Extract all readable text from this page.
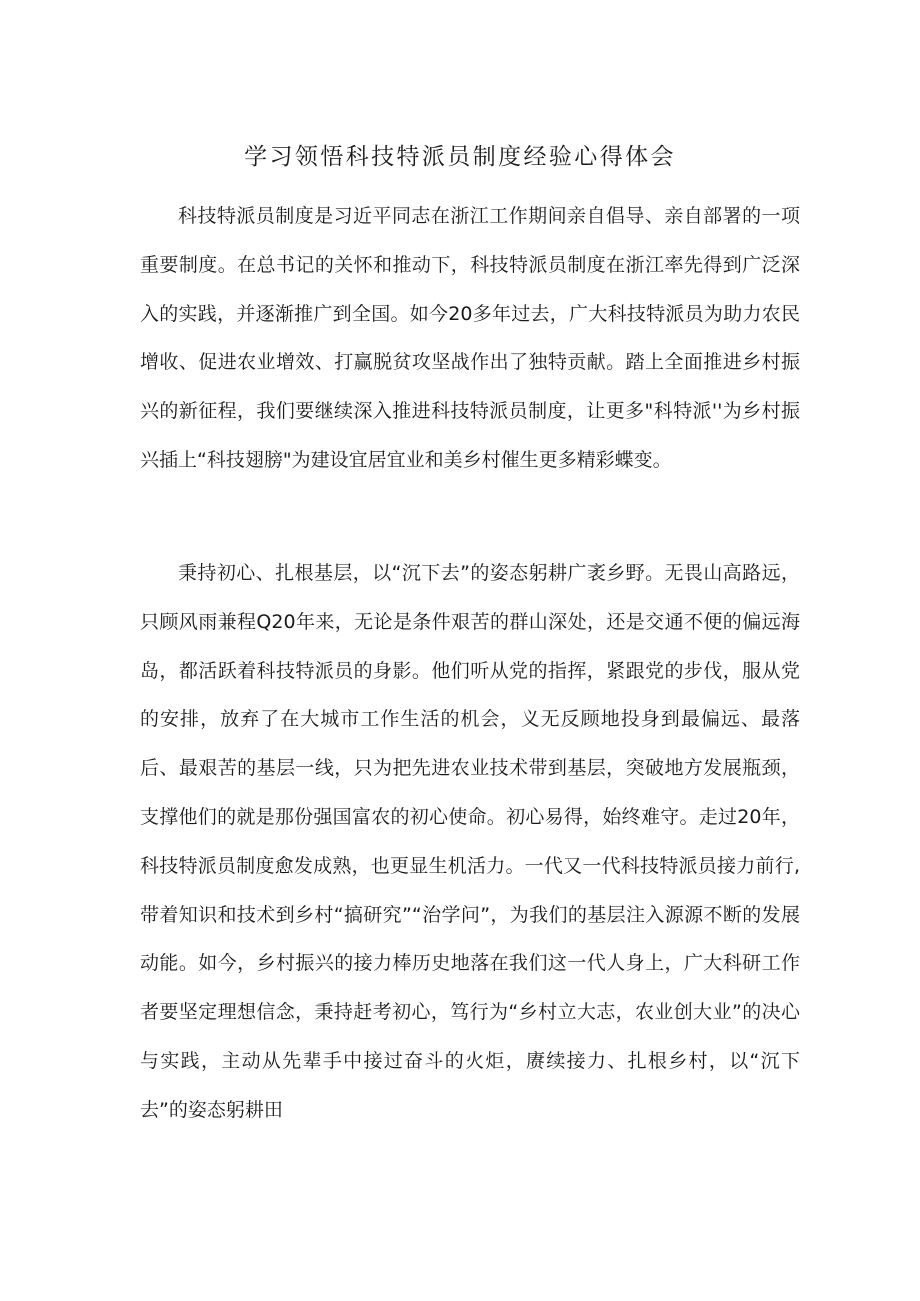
学习领悟科技特派员制度经验心得体会

科技特派员制度是习近平同志在浙江工作期间亲自倡导、亲自部署的一项重要制度。在总书记的关怀和推动下，科技特派员制度在浙江率先得到广泛深入的实践，并逐渐推广到全国。如今20多年过去，广大科技特派员为助力农民增收、促进农业增效、打赢脱贫攻坚战作出了独特贡献。踏上全面推进乡村振兴的新征程，我们要继续深入推进科技特派员制度，让更多"科特派''为乡村振兴插上“科技翅膀"为建设宜居宜业和美乡村催生更多精彩蝶变。

秉持初心、扎根基层，以“沉下去”的姿态躬耕广袤乡野。无畏山高路远，只顾风雨兼程Q20年来，无论是条件艰苦的群山深处，还是交通不便的偏远海岛，都活跃着科技特派员的身影。他们听从党的指挥，紧跟党的步伐，服从党的安排，放弃了在大城市工作生活的机会，义无反顾地投身到最偏远、最落后、最艰苦的基层一线，只为把先进农业技术带到基层，突破地方发展瓶颈，支撑他们的就是那份强国富农的初心使命。初心易得，始终难守。走过20年，科技特派员制度愈发成熟，也更显生机活力。一代又一代科技特派员接力前行,带着知识和技术到乡村“搞研究”“治学问”，为我们的基层注入源源不断的发展动能。如今，乡村振兴的接力棒历史地落在我们这一代人身上，广大科研工作者要坚定理想信念，秉持赶考初心，笃行为“乡村立大志，农业创大业”的决心与实践，主动从先辈手中接过奋斗的火炬，赓续接力、扎根乡村，以“沉下去”的姿态躬耕田
